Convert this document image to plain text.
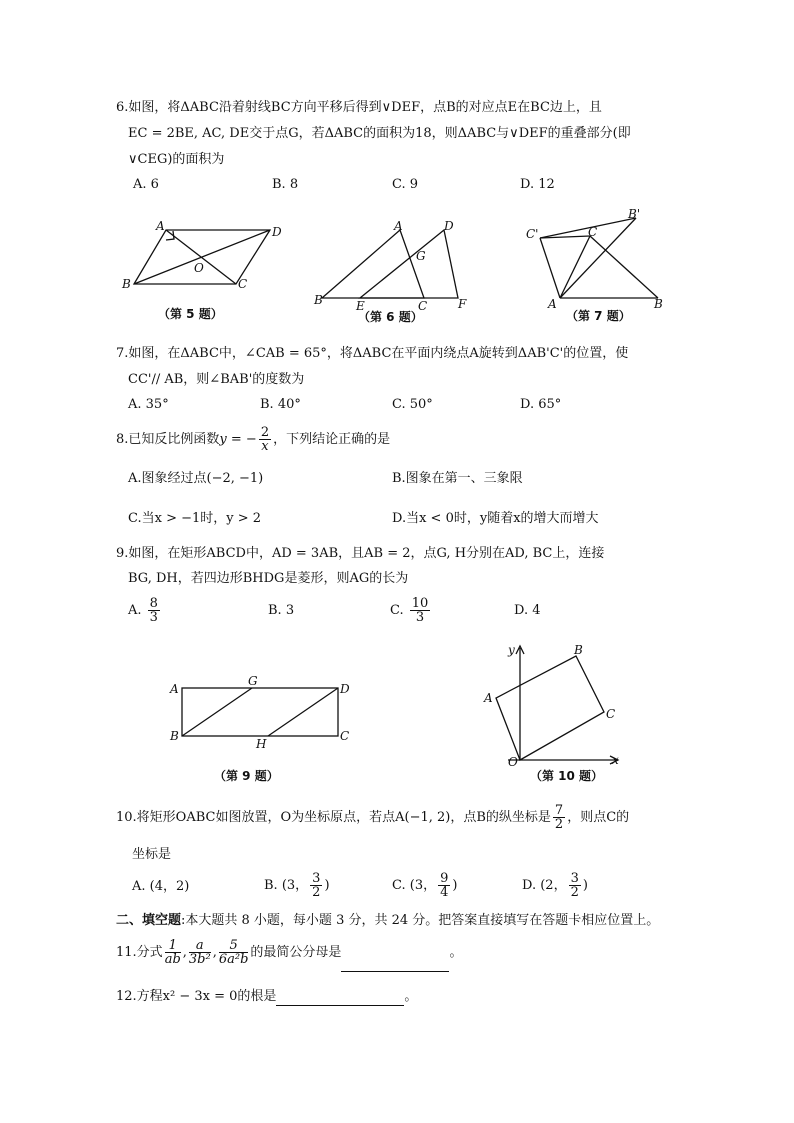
6.如图，将ΔABC沿着射线BC方向平移后得到∨DEF，点B的对应点E在BC边上，且
EC = 2BE, AC, DE交于点G，若ΔABC的面积为18，则ΔABC与∨DEF的重叠部分(即
∨CEG)的面积为
A. 6	B. 8	C. 9	D. 12
A	D
B
O
C
（第 5 题）
A	D
G
B	E	C	F
（第 6 题）
C'
B'
C
A	B
（第 7 题）
7.如图，在ΔABC中，∠CAB = 65°，将ΔABC在平面内绕点A旋转到ΔAB'C'的位置，使
CC'// AB，则∠BAB'的度数为
A. 35°	B. 40°	C. 50°	D. 65°
8.已知反比例函数y = − $\frac{2}{x}$ ，下列结论正确的是
A.图象经过点(−2, −1)	B.图象在第一、三象限
C.当x > −1时，y > 2	D.当x < 0时，y随着x的增大而增大
9.如图，在矩形ABCD中，AD = 3AB，且AB = 2，点G, H分别在AD, BC上，连接
BG, DH，若四边形BHDG是菱形，则AG的长为
A. $\frac{8}{3}$	B. 3	C. $\frac{10}{3}$	D. 4
A
G
D
B
H
C
（第 9 题）
y	B
A
C
O	x
（第 10 题）
10.将矩形OABC如图放置，O为坐标原点，若点A(−1, 2)，点B的纵坐标是 $\frac{7}{2}$ ，则点C的
坐标是
A. (4，2)	B. (3， $\frac{3}{2}$ )	C. (3， $\frac{9}{4}$ )	D. (2， $\frac{3}{2}$ )
二、填空题:本大题共 8 小题，每小题 3 分，共 24 分。把答案直接填写在答题卡相应位置上。
11.分式 $\frac{1}{ab}$ , $\frac{a}{\text{3b²}}$ , $\frac{5}{\text{6a²b}}$ 的最简公分母是	。
12.方程x² − 3x = 0的根是	。
